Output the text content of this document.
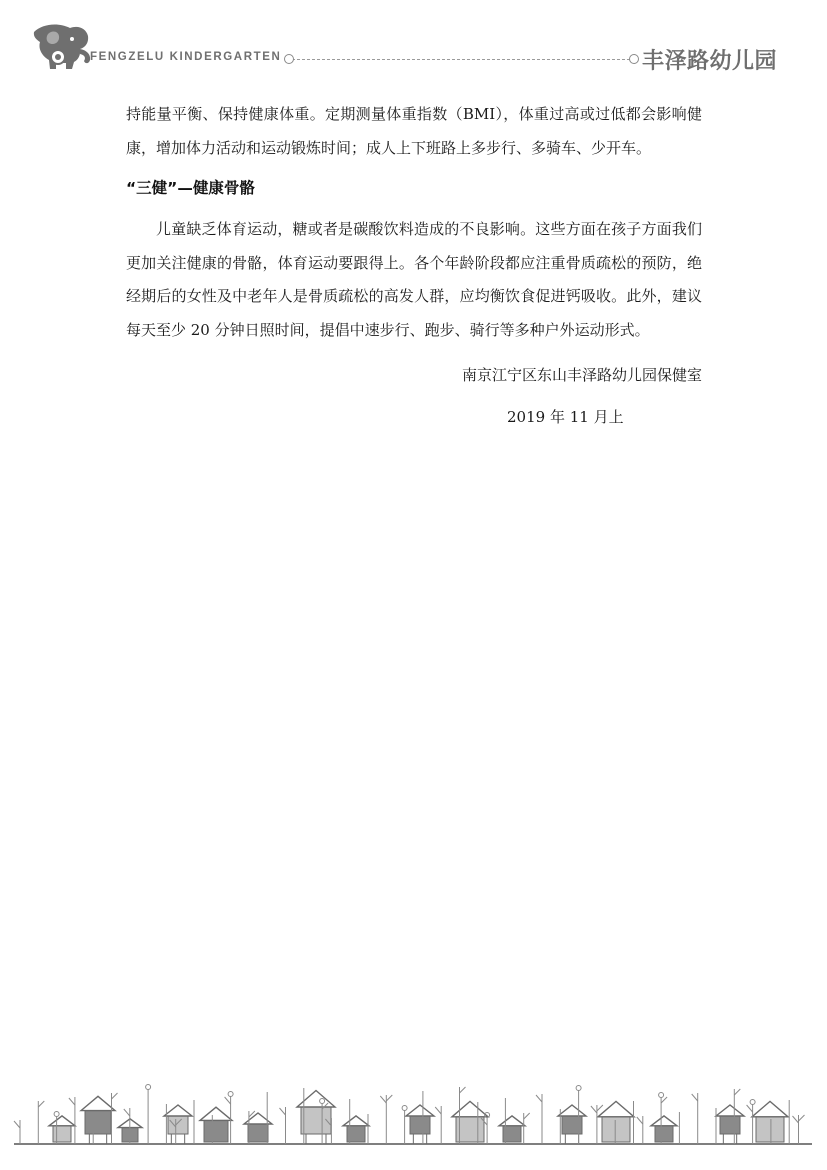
FENGZELU KINDERGARTEN	丰泽路幼儿园

持能量平衡、保持健康体重。定期测量体重指数（BMI），体重过高或过低都会影响健康，增加体力活动和运动锻炼时间；成人上下班路上多步行、多骑车、少开车。

“三健”—健康骨骼

儿童缺乏体育运动，糖或者是碳酸饮料造成的不良影响。这些方面在孩子方面我们更加关注健康的骨骼，体育运动要跟得上。各个年龄阶段都应注重骨质疏松的预防，绝经期后的女性及中老年人是骨质疏松的高发人群，应均衡饮食促进钙吸收。此外，建议每天至少 20 分钟日照时间，提倡中速步行、跑步、骑行等多种户外运动形式。

南京江宁区东山丰泽路幼儿园保健室
2019 年 11 月上
